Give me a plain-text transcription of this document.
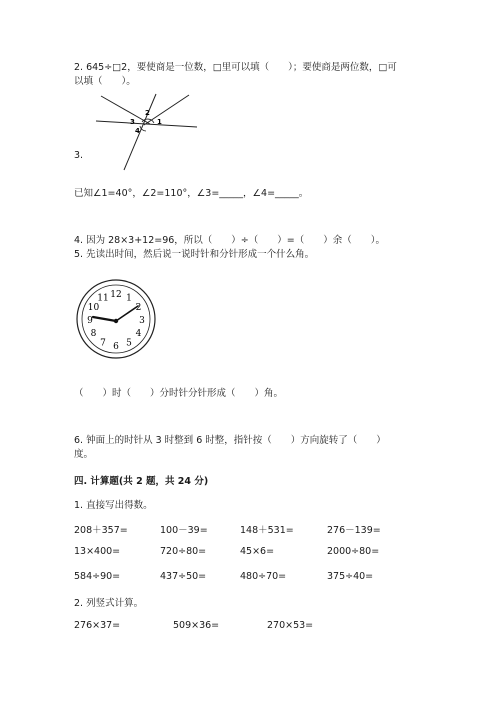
2. 645÷□2，要使商是一位数，□里可以填（　　）；要使商是两位数，□可
以填（　　）。
2
3	1
4
3.
已知∠1=40°，∠2=110°，∠3=_____，∠4=_____。
4. 因为 28×3+12=96，所以（　　）÷（　　）=（　　）余（　　）。
5. 先读出时间，然后说一说时针和分针形成一个什么角。
12 1
2
3
4
5
6
7
8
9
10
11
（　　）时（　　）分时针分针形成（　　）角。
6. 钟面上的时针从 3 时整到 6 时整，指针按（　　）方向旋转了（　　）
度。
四. 计算题(共 2 题，共 24 分)
1. 直接写出得数。
208＋357=	100－39=	148＋531=	276－139=
13×400=	720÷80=	45×6=	2000÷80=
584÷90=	437÷50=	480÷70=	375÷40=
2. 列竖式计算。
276×37=	509×36=	270×53=
